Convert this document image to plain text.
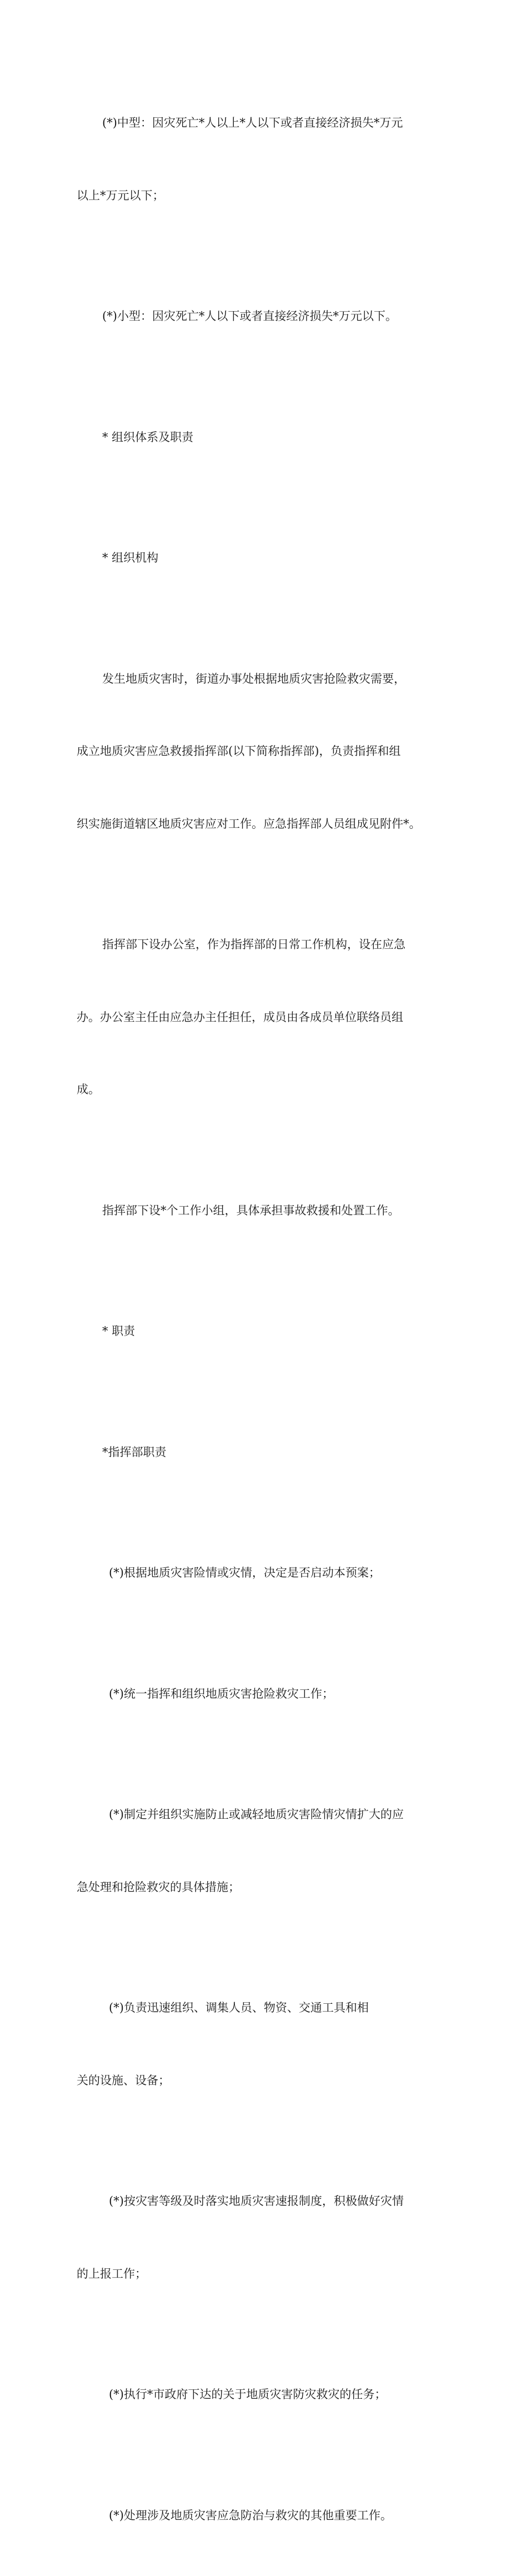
(*)中型：因灾死亡*人以上*人以下或者直接经济损失*万元

以上*万元以下；

(*)小型：因灾死亡*人以下或者直接经济损失*万元以下。

* 组织体系及职责

* 组织机构

发生地质灾害时，街道办事处根据地质灾害抢险救灾需要，

成立地质灾害应急救援指挥部(以下简称指挥部)，负责指挥和组

织实施街道辖区地质灾害应对工作。应急指挥部人员组成见附件*。

指挥部下设办公室，作为指挥部的日常工作机构，设在应急

办。办公室主任由应急办主任担任，成员由各成员单位联络员组

成。

指挥部下设*个工作小组，具体承担事故救援和处置工作。

* 职责

*指挥部职责

(*)根据地质灾害险情或灾情，决定是否启动本预案；

(*)统一指挥和组织地质灾害抢险救灾工作；

(*)制定并组织实施防止或减轻地质灾害险情灾情扩大的应

急处理和抢险救灾的具体措施；

(*)负责迅速组织、调集人员、物资、交通工具和相

关的设施、设备；

(*)按灾害等级及时落实地质灾害速报制度，积极做好灾情

的上报工作；

(*)执行*市政府下达的关于地质灾害防灾救灾的任务；

(*)处理涉及地质灾害应急防治与救灾的其他重要工作。
